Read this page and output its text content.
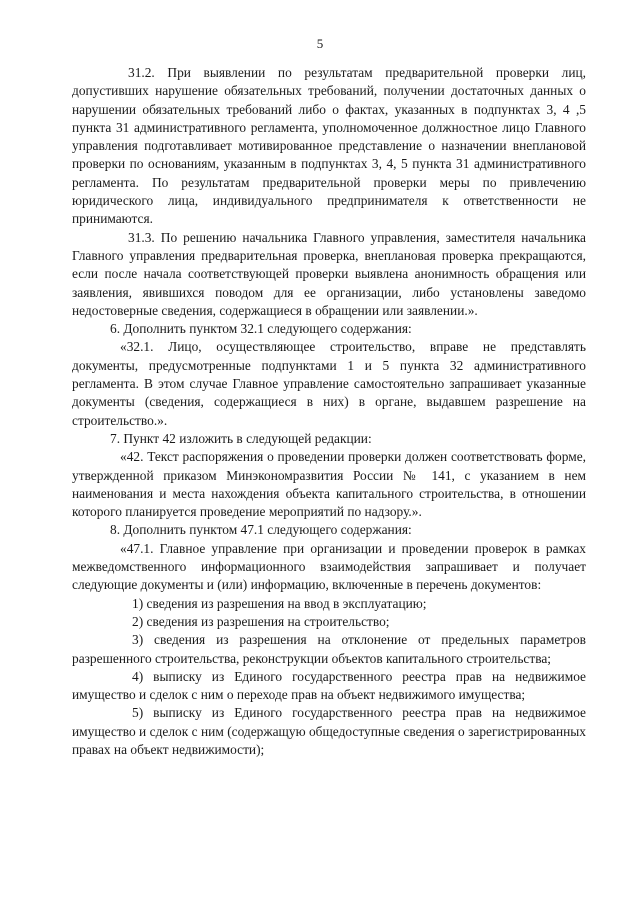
5

31.2. При выявлении по результатам предварительной проверки лиц, допустивших нарушение обязательных требований, получении достаточных данных о нарушении обязательных требований либо о фактах, указанных в подпунктах 3, 4 ,5 пункта 31 административного регламента, уполномоченное должностное лицо Главного управления подготавливает мотивированное представление о назначении внеплановой проверки по основаниям, указанным в подпунктах 3, 4, 5 пункта 31 административного регламента. По результатам предварительной проверки меры по привлечению юридического лица, индивидуального предпринимателя к ответственности не принимаются.

31.3. По решению начальника Главного управления, заместителя начальника Главного управления предварительная проверка, внеплановая проверка прекращаются, если после начала соответствующей проверки выявлена анонимность обращения или заявления, явившихся поводом для ее организации, либо установлены заведомо недостоверные сведения, содержащиеся в обращении или заявлении.».

6. Дополнить пунктом 32.1 следующего содержания:

«32.1. Лицо, осуществляющее строительство, вправе не представлять документы, предусмотренные подпунктами 1 и 5 пункта 32 административного регламента. В этом случае Главное управление самостоятельно запрашивает указанные документы (сведения, содержащиеся в них) в органе, выдавшем разрешение на строительство.».

7. Пункт 42 изложить в следующей редакции:

«42. Текст распоряжения о проведении проверки должен соответствовать форме, утвержденной приказом Минэкономразвития России № 141, с указанием в нем наименования и места нахождения объекта капитального строительства, в отношении которого планируется проведение мероприятий по надзору.».

8. Дополнить пунктом 47.1 следующего содержания:

«47.1. Главное управление при организации и проведении проверок в рамках межведомственного информационного взаимодействия запрашивает и получает следующие документы и (или) информацию, включенные в перечень документов:

1) сведения из разрешения на ввод в эксплуатацию;

2) сведения из разрешения на строительство;

3) сведения из разрешения на отклонение от предельных параметров разрешенного строительства, реконструкции объектов капитального строительства;

4) выписку из Единого государственного реестра прав на недвижимое имущество и сделок с ним о переходе прав на объект недвижимого имущества;

5) выписку из Единого государственного реестра прав на недвижимое имущество и сделок с ним (содержащую общедоступные сведения о зарегистрированных правах на объект недвижимости);
